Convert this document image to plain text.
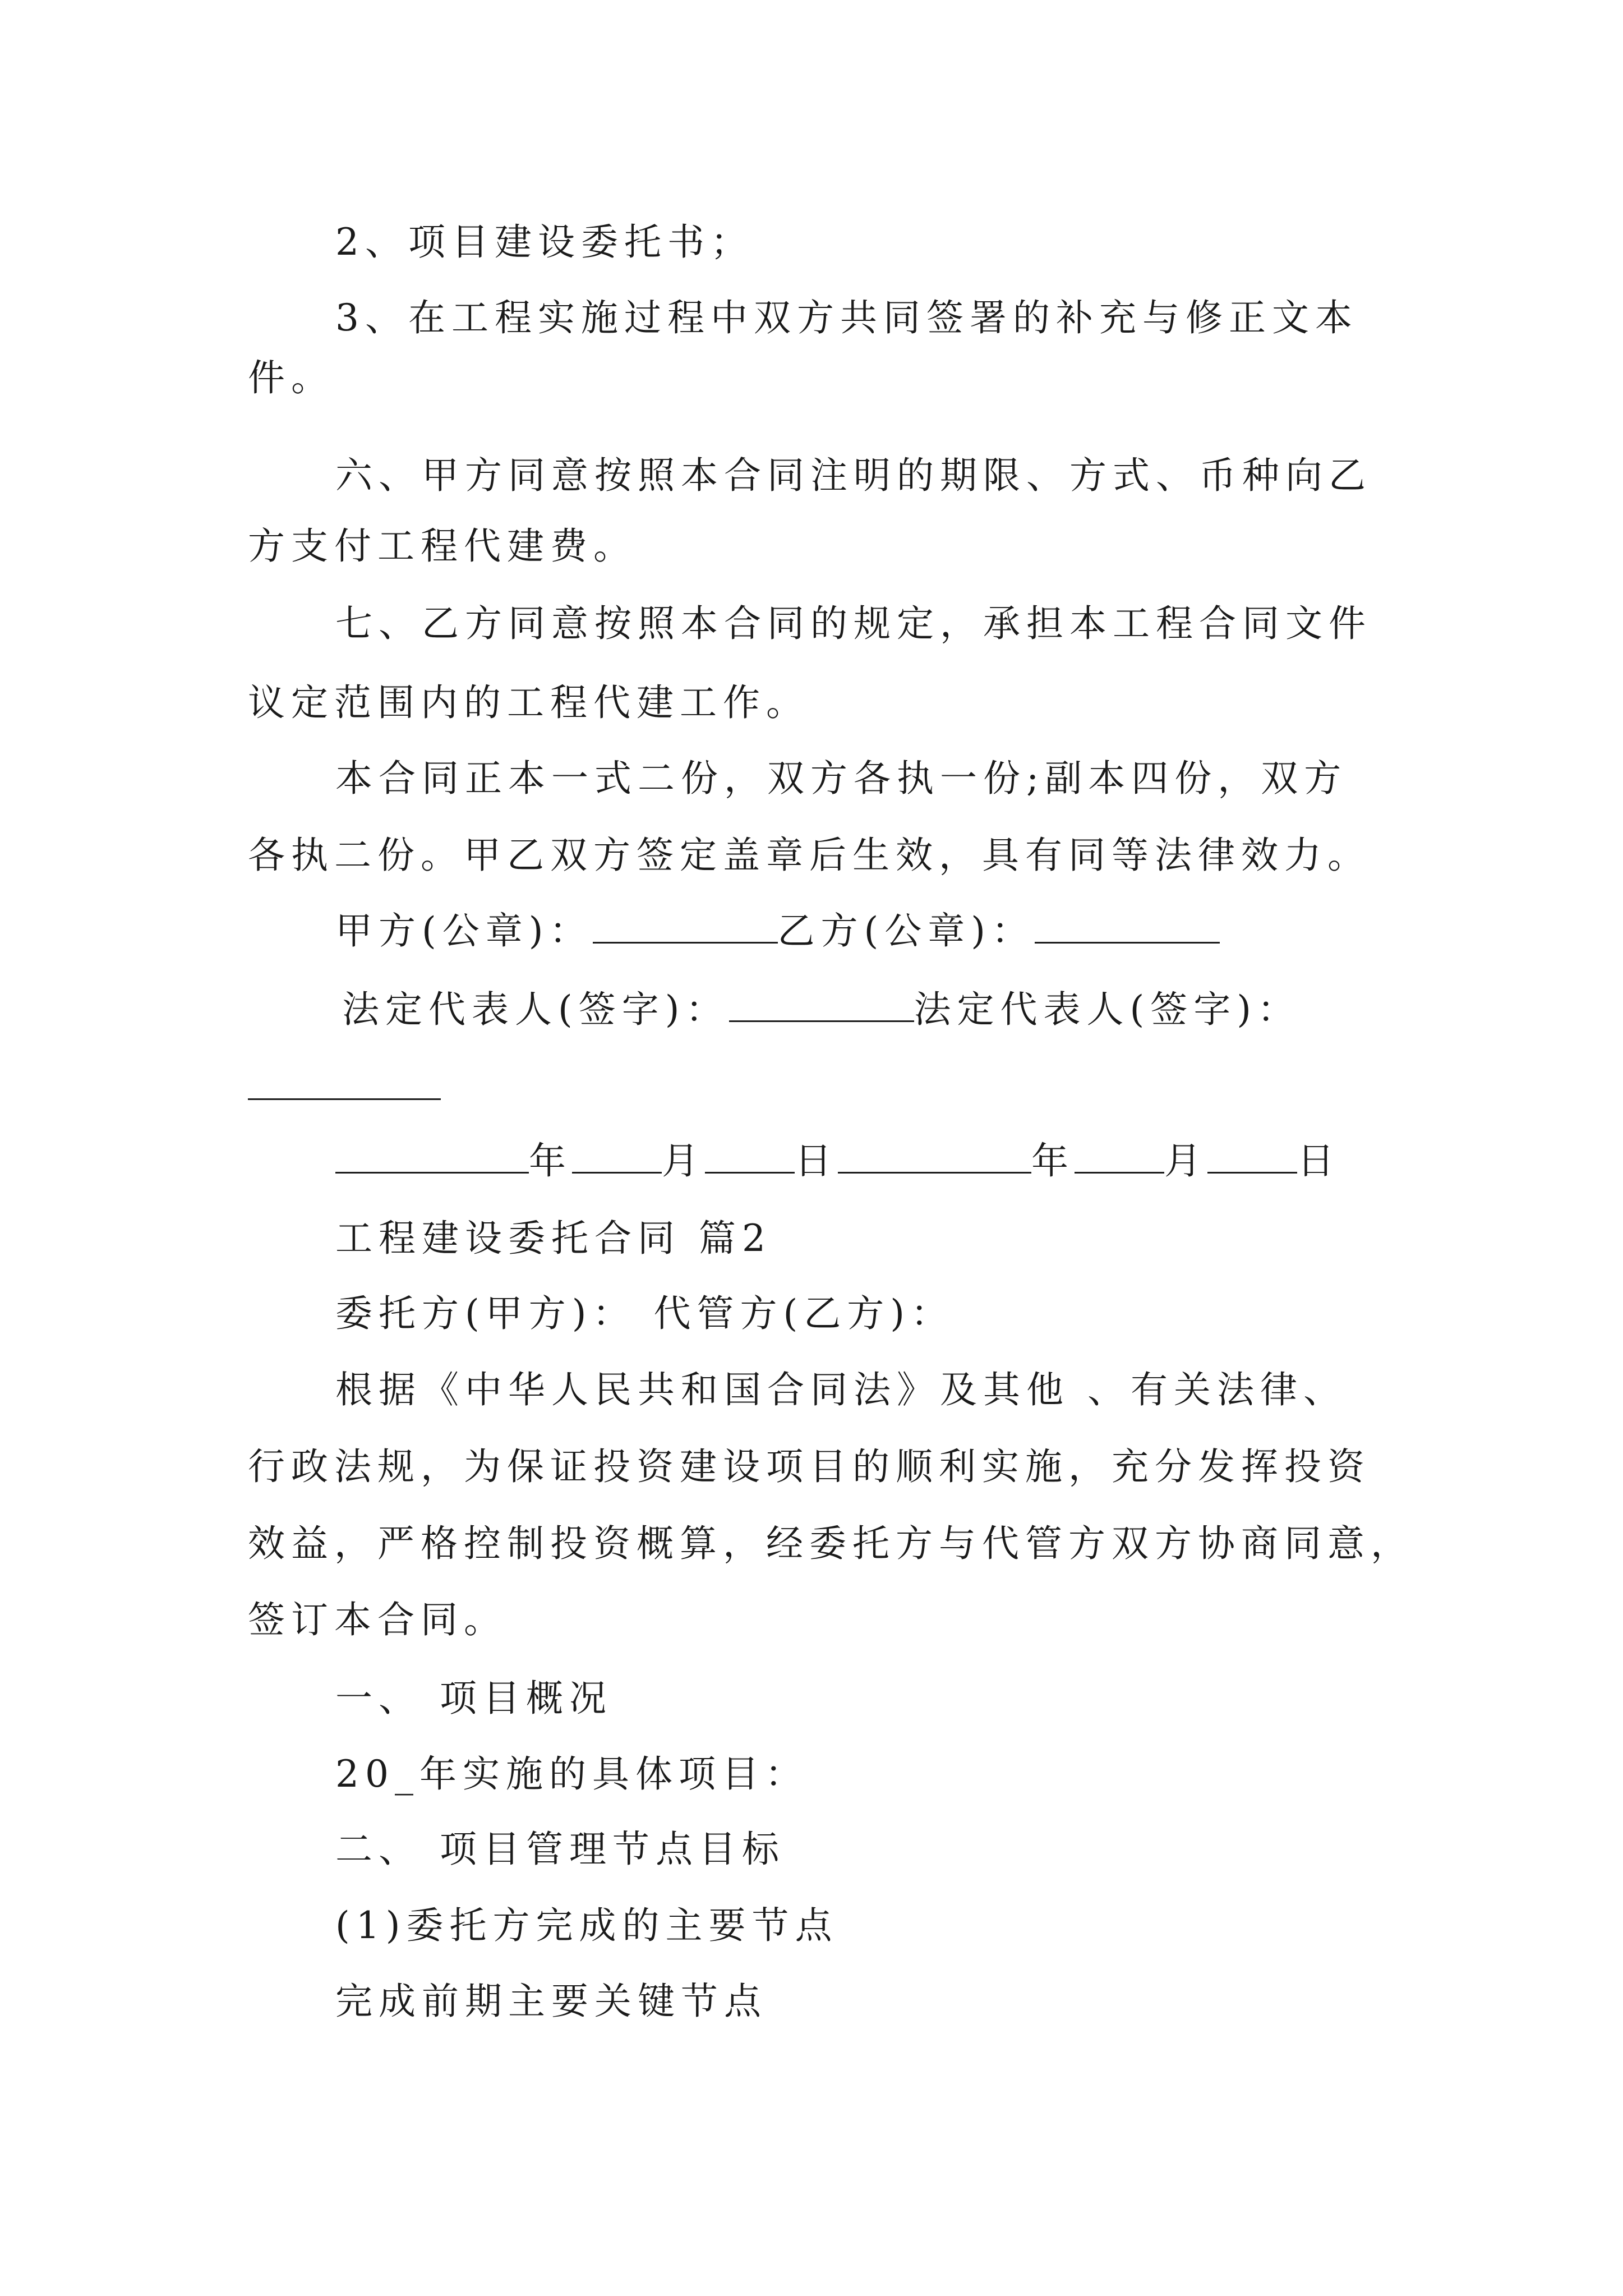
2、项目建设委托书；
3、在工程实施过程中双方共同签署的补充与修正文本
件。
六、甲方同意按照本合同注明的期限、方式、币种向乙
方支付工程代建费。
七、乙方同意按照本合同的规定，承担本工程合同文件
议定范围内的工程代建工作。
本合同正本一式二份，双方各执一份;副本四份，双方
各执二份。甲乙双方签定盖章后生效，具有同等法律效力。
甲方(公章)：	乙方(公章)：
法定代表人(签字)：	法定代表人(签字)：
年 月 日	年 月 日
工程建设委托合同 篇2
委托方(甲方)： 代管方(乙方)：
根据《中华人民共和国合同法》及其他 、有关法律、
行政法规，为保证投资建设项目的顺利实施，充分发挥投资
效益，严格控制投资概算，经委托方与代管方双方协商同意，
签订本合同。
一、 项目概况
20_年实施的具体项目：
二、 项目管理节点目标
(1)委托方完成的主要节点
完成前期主要关键节点
